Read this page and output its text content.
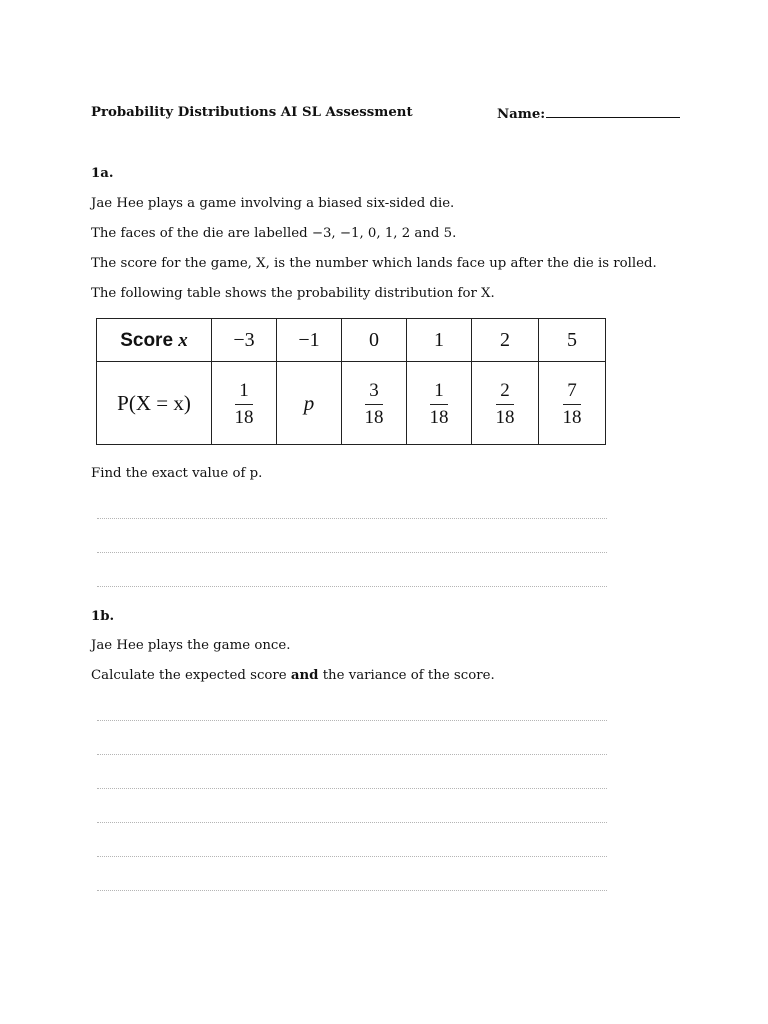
Probability Distributions AI SL Assessment	Name:
1a.
Jae Hee plays a game involving a biased six-sided die.
The faces of the die are labelled −3, −1, 0, 1, 2 and 5.
The score for the game, X, is the number which lands face up after the die is rolled.
The following table shows the probability distribution for X.
Score x	−3	−1	0	1	2	5
P(X = x)	$\frac{1}{18}$	p	$\frac{3}{18}$	$\frac{1}{18}$	$\frac{2}{18}$	$\frac{7}{18}$
Find the exact value of p.
1b.
Jae Hee plays the game once.
Calculate the expected score and the variance of the score.
